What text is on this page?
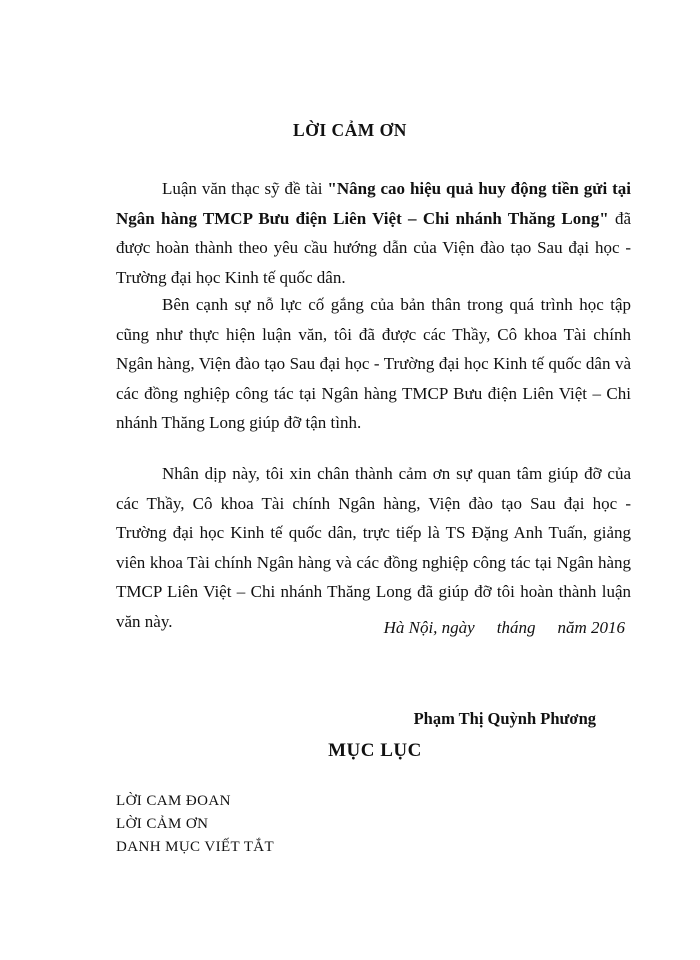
LỜI CẢM ƠN
Luận văn thạc sỹ đề tài "Nâng cao hiệu quả huy động tiền gửi tại Ngân hàng TMCP Bưu điện Liên Việt – Chi nhánh Thăng Long" đã được hoàn thành theo yêu cầu hướng dẫn của Viện đào tạo Sau đại học - Trường đại học Kinh tế quốc dân.
Bên cạnh sự nỗ lực cố gắng của bản thân trong quá trình học tập cũng như thực hiện luận văn, tôi đã được các Thầy, Cô khoa Tài chính Ngân hàng, Viện đào tạo Sau đại học - Trường đại học Kinh tế quốc dân và các đồng nghiệp công tác tại Ngân hàng TMCP Bưu điện Liên Việt – Chi nhánh Thăng Long giúp đỡ tận tình.
Nhân dịp này, tôi xin chân thành cảm ơn sự quan tâm giúp đỡ của các Thầy, Cô khoa Tài chính Ngân hàng, Viện đào tạo Sau đại học - Trường đại học Kinh tế quốc dân, trực tiếp là TS Đặng Anh Tuấn, giảng viên khoa Tài chính Ngân hàng và các đồng nghiệp công tác tại Ngân hàng TMCP Liên Việt – Chi nhánh Thăng Long đã giúp đỡ tôi hoàn thành luận văn này.	Hà Nội, ngày tháng năm 2016
Phạm Thị Quỳnh Phương
MỤC LỤC
LỜI CAM ĐOAN
LỜI CẢM ƠN
DANH MỤC VIẾT TẮT
